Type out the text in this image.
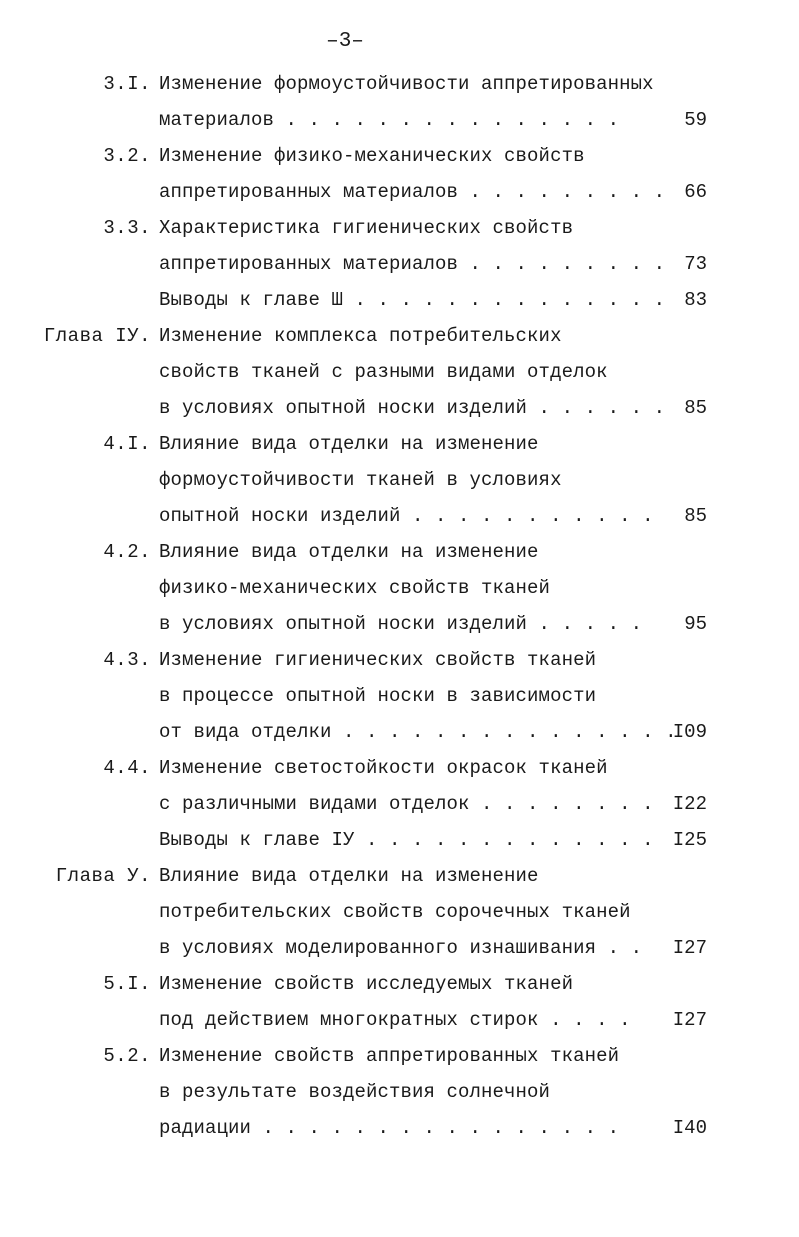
–3–
3.I. Изменение формоустойчивости аппретированных
материалов . . . . . . . . . . . . . . .	59
3.2. Изменение физико-механических свойств
аппретированных материалов . . . . . . . . . 66
3.3. Характеристика гигиенических свойств
аппретированных материалов . . . . . . . . . 73
Выводы к главе Ш . . . . . . . . . . . . . . 83
Глава IУ. Изменение комплекса потребительских
свойств тканей с разными видами отделок
в условиях опытной носки изделий . . . . . . 85
4.I. Влияние вида отделки на изменение
формоустойчивости тканей в условиях
опытной носки изделий . . . . . . . . . . . 85
4.2. Влияние вида отделки на изменение
физико-механических свойств тканей
в условиях опытной носки изделий . . . . . 95
4.3. Изменение гигиенических свойств тканей
в процессе опытной носки в зависимости
от вида отделки . . . . . . . . . . . . . . .
I09
4.4. Изменение светостойкости окрасок тканей
с различными видами отделок . . . . . . . . I22
Выводы к главе IУ . . . . . . . . . . . . . I25
Глава У. Влияние вида отделки на изменение
потребительских свойств сорочечных тканей
в условиях моделированного изнашивания . . I27
5.I. Изменение свойств исследуемых тканей
под действием многократных стирок . . . . I27
5.2. Изменение свойств аппретированных тканей
в результате воздействия солнечной
радиации . . . . . . . . . . . . . . . .	I40
